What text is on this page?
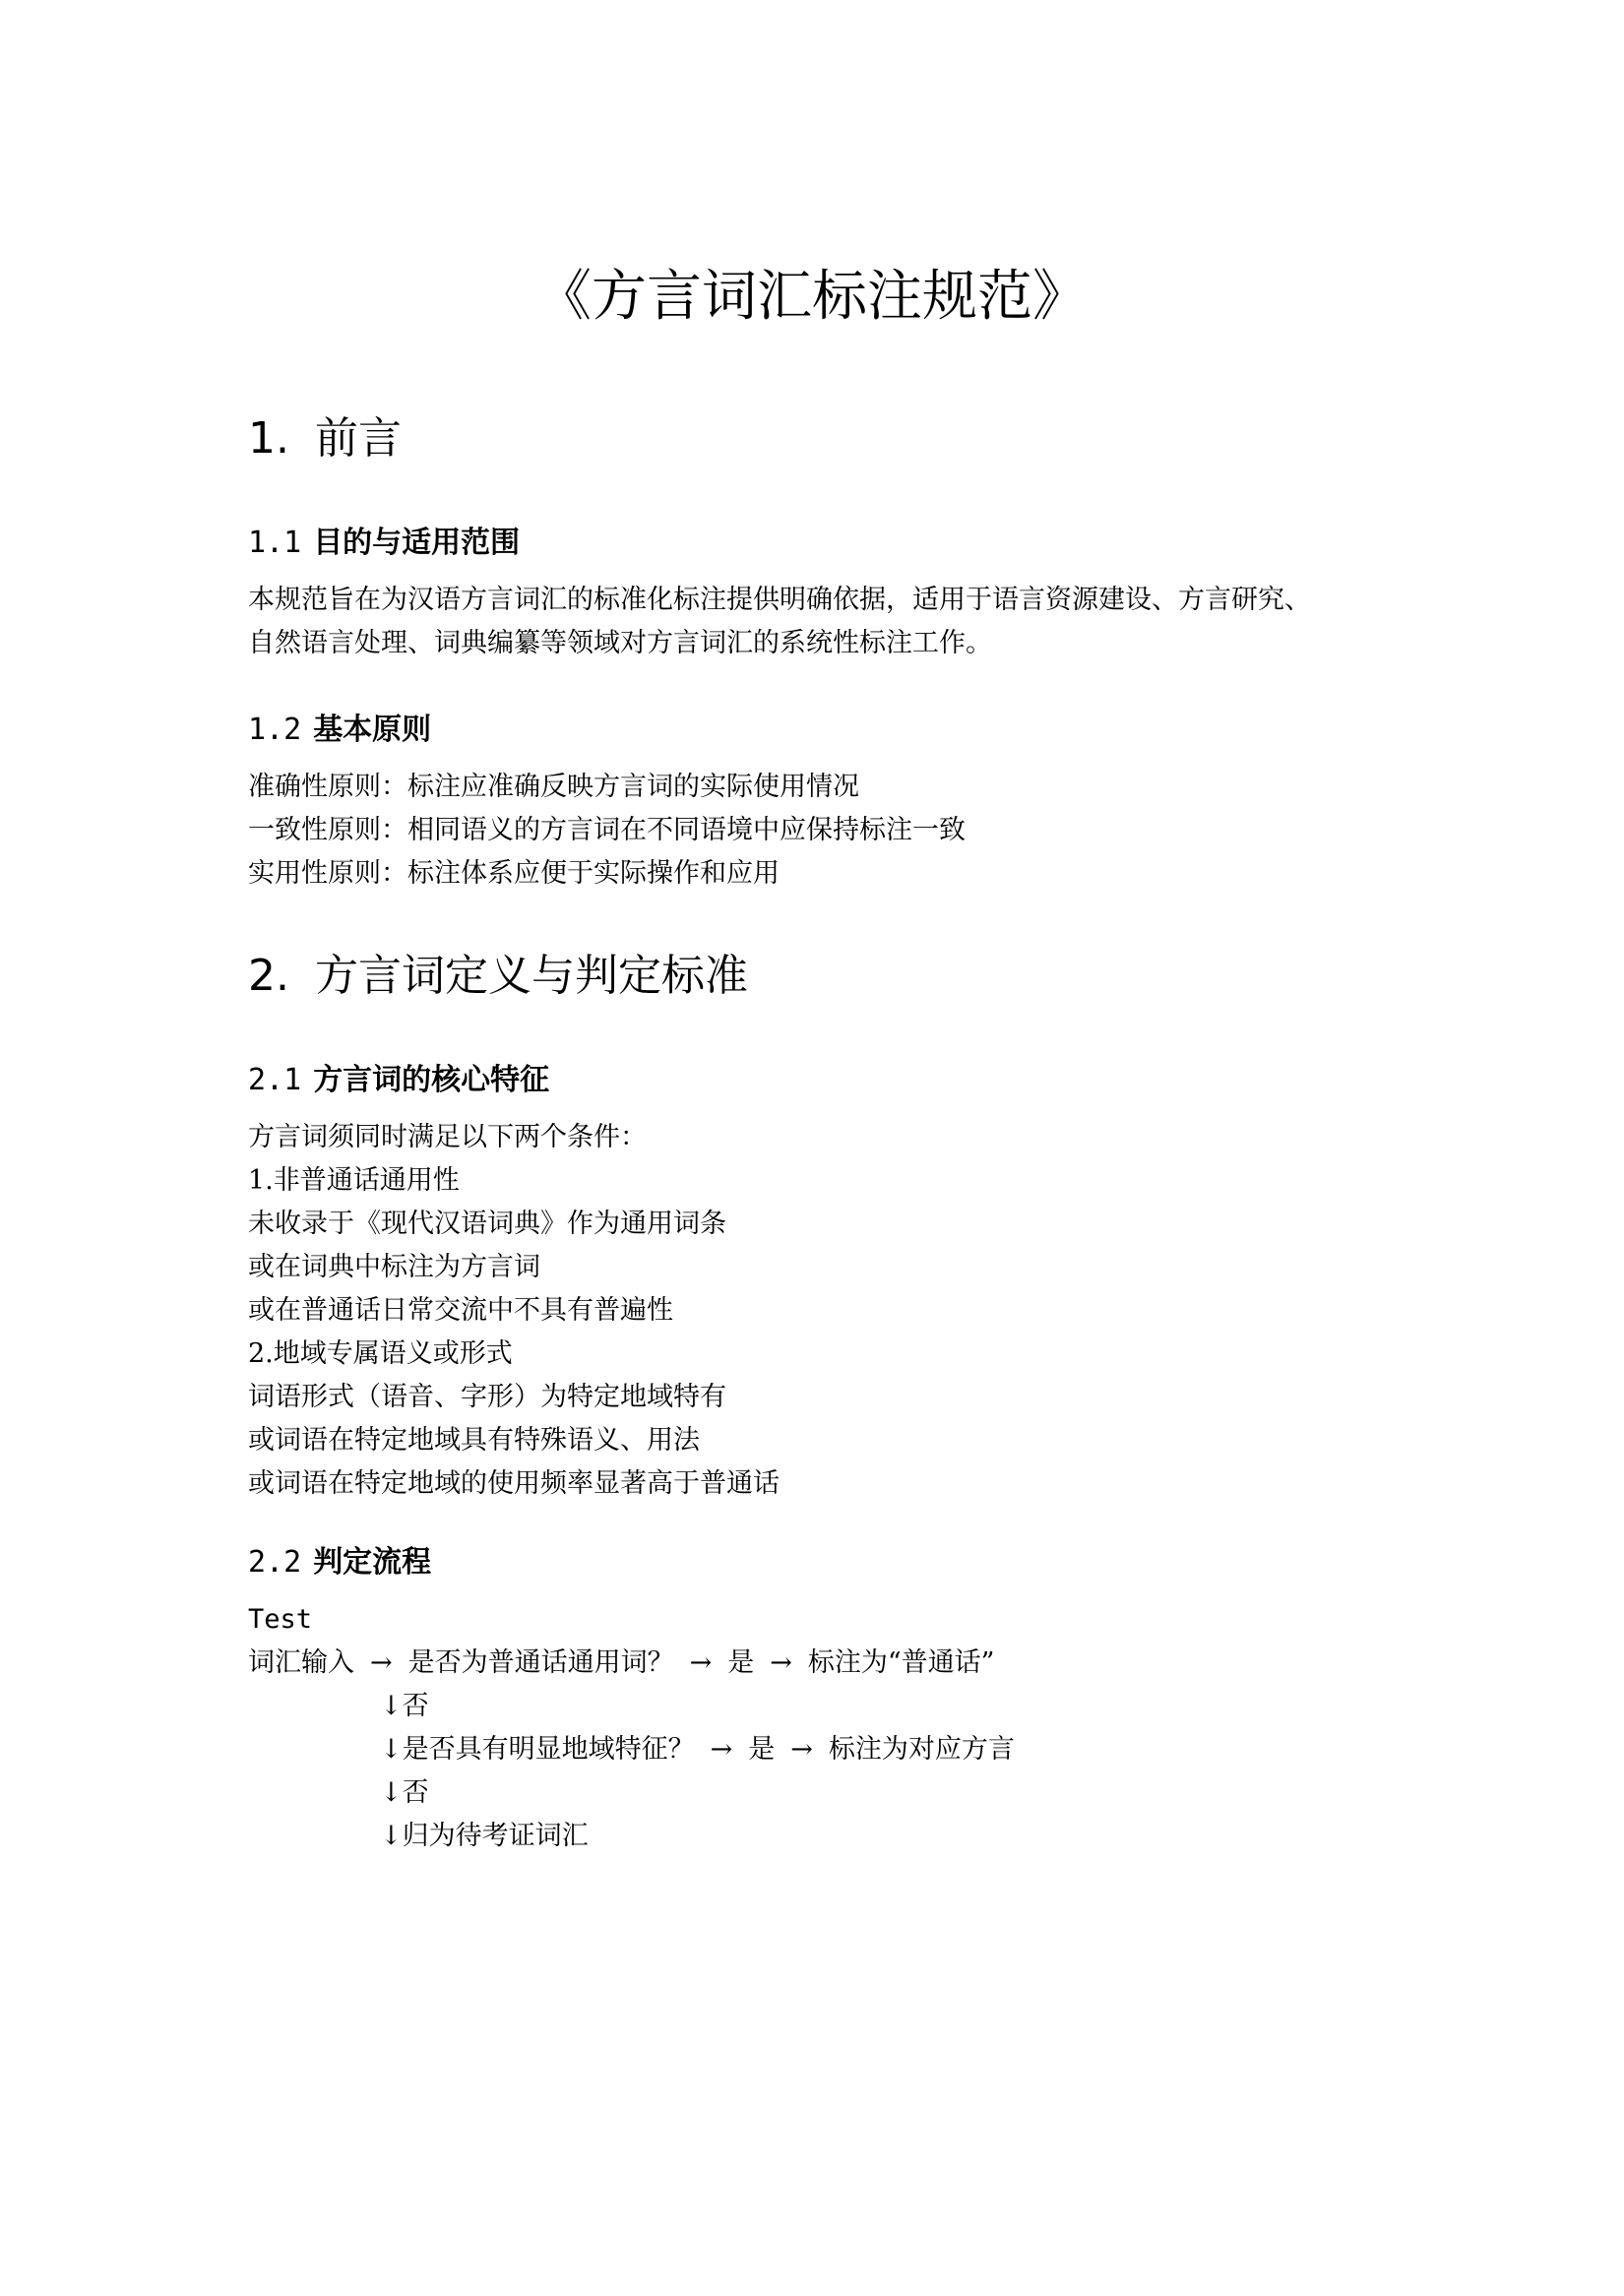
《方言词汇标注规范》
1. 前言
1.1 目的与适用范围
本规范旨在为汉语方言词汇的标准化标注提供明确依据，适用于语言资源建设、方言研究、
自然语言处理、词典编纂等领域对方言词汇的系统性标注工作。
1.2 基本原则
准确性原则：标注应准确反映方言词的实际使用情况
一致性原则：相同语义的方言词在不同语境中应保持标注一致
实用性原则：标注体系应便于实际操作和应用
2. 方言词定义与判定标准
2.1 方言词的核心特征
方言词须同时满足以下两个条件：
1.非普通话通用性
未收录于《现代汉语词典》作为通用词条
或在词典中标注为方言词
或在普通话日常交流中不具有普遍性
2.地域专属语义或形式
词语形式（语音、字形）为特定地域特有
或词语在特定地域具有特殊语义、用法
或词语在特定地域的使用频率显著高于普通话
2.2 判定流程
Test
词汇输入 → 是否为普通话通用词？ → 是 → 标注为“普通话”
↓否
↓是否具有明显地域特征？ → 是 → 标注为对应方言
↓否
↓归为待考证词汇
